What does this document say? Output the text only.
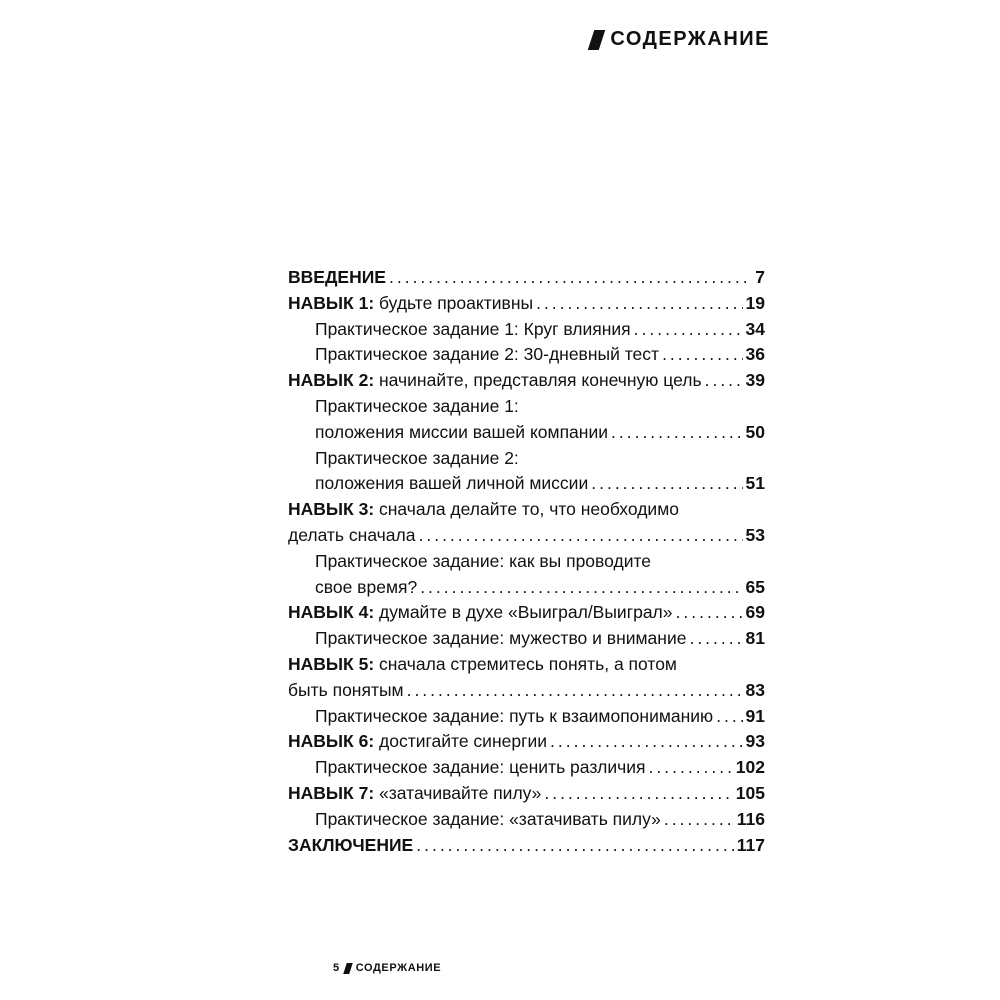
СОДЕРЖАНИЕ
ВВЕДЕНИЕ .....	7
НАВЫК 1: будьте проактивны .....	19
Практическое задание 1: Круг влияния .....	34
Практическое задание 2: 30-дневный тест .....	36
НАВЫК 2: начинайте, представляя конечную цель .....	39
Практическое задание 1:
положения миссии вашей компании .....	50
Практическое задание 2:
положения вашей личной миссии .....	51
НАВЫК 3: сначала делайте то, что необходимо
делать сначала .....	53
Практическое задание: как вы проводите
свое время? .....	65
НАВЫК 4: думайте в духе «Выиграл/Выиграл» .....	69
Практическое задание: мужество и внимание .....	81
НАВЫК 5: сначала стремитесь понять, а потом
быть понятым .....	83
Практическое задание: путь к взаимопониманию ..... 91
НАВЫК 6: достигайте синергии .....	93
Практическое задание: ценить различия .....	102
НАВЫК 7: «затачивайте пилу» .....	105
Практическое задание: «затачивать пилу» .....	116
ЗАКЛЮЧЕНИЕ .....	117
5 СОДЕРЖАНИЕ
